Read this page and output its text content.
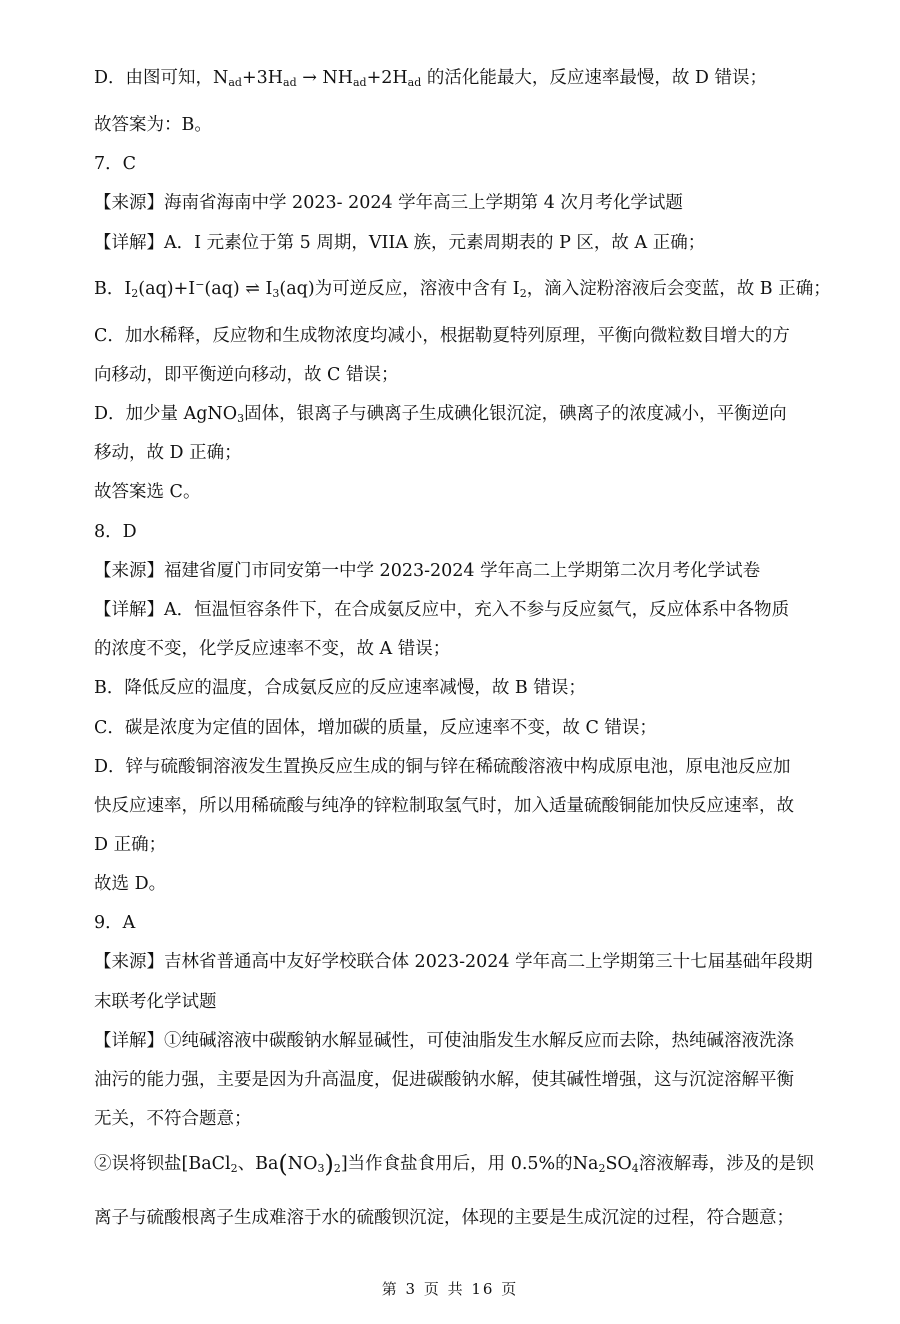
D．由图可知，$N_{ad}+3H_{ad} \to NH_{ad}+2H_{ad}$ 的活化能最大，反应速率最慢，故 D 错误；
故答案为：B。
7．C
【来源】海南省海南中学 2023- 2024 学年高三上学期第 4 次月考化学试题
【详解】A．I 元素位于第 5 周期，VIIA 族，元素周期表的 P 区，故 A 正确；
B．$I_2(aq)+I^-(aq)$ ⇌ $I_3(aq)$为可逆反应，溶液中含有 $I_2$，滴入淀粉溶液后会变蓝，故 B 正确；
C．加水稀释，反应物和生成物浓度均减小，根据勒夏特列原理，平衡向微粒数目增大的方
向移动，即平衡逆向移动，故 C 错误；
D．加少量 AgNO$_3$固体，银离子与碘离子生成碘化银沉淀，碘离子的浓度减小，平衡逆向
移动，故 D 正确；
故答案选 C。
8．D
【来源】福建省厦门市同安第一中学 2023-2024 学年高二上学期第二次月考化学试卷
【详解】A．恒温恒容条件下，在合成氨反应中，充入不参与反应氦气，反应体系中各物质
的浓度不变，化学反应速率不变，故 A 错误；
B．降低反应的温度，合成氨反应的反应速率减慢，故 B 错误；
C．碳是浓度为定值的固体，增加碳的质量，反应速率不变，故 C 错误；
D．锌与硫酸铜溶液发生置换反应生成的铜与锌在稀硫酸溶液中构成原电池，原电池反应加
快反应速率，所以用稀硫酸与纯净的锌粒制取氢气时，加入适量硫酸铜能加快反应速率，故
D 正确；
故选 D。
9．A
【来源】吉林省普通高中友好学校联合体 2023-2024 学年高二上学期第三十七届基础年段期
末联考化学试题
【详解】①纯碱溶液中碳酸钠水解显碱性，可使油脂发生水解反应而去除，热纯碱溶液洗涤
油污的能力强，主要是因为升高温度，促进碳酸钠水解，使其碱性增强，这与沉淀溶解平衡
无关，不符合题意；
②误将钡盐[BaCl$_2$、$Ba(NO_3)_2$]当作食盐食用后，用 0.5%的$Na_2SO_4$溶液解毒，涉及的是钡
离子与硫酸根离子生成难溶于水的硫酸钡沉淀，体现的主要是生成沉淀的过程，符合题意；
第 3 页 共 16 页
